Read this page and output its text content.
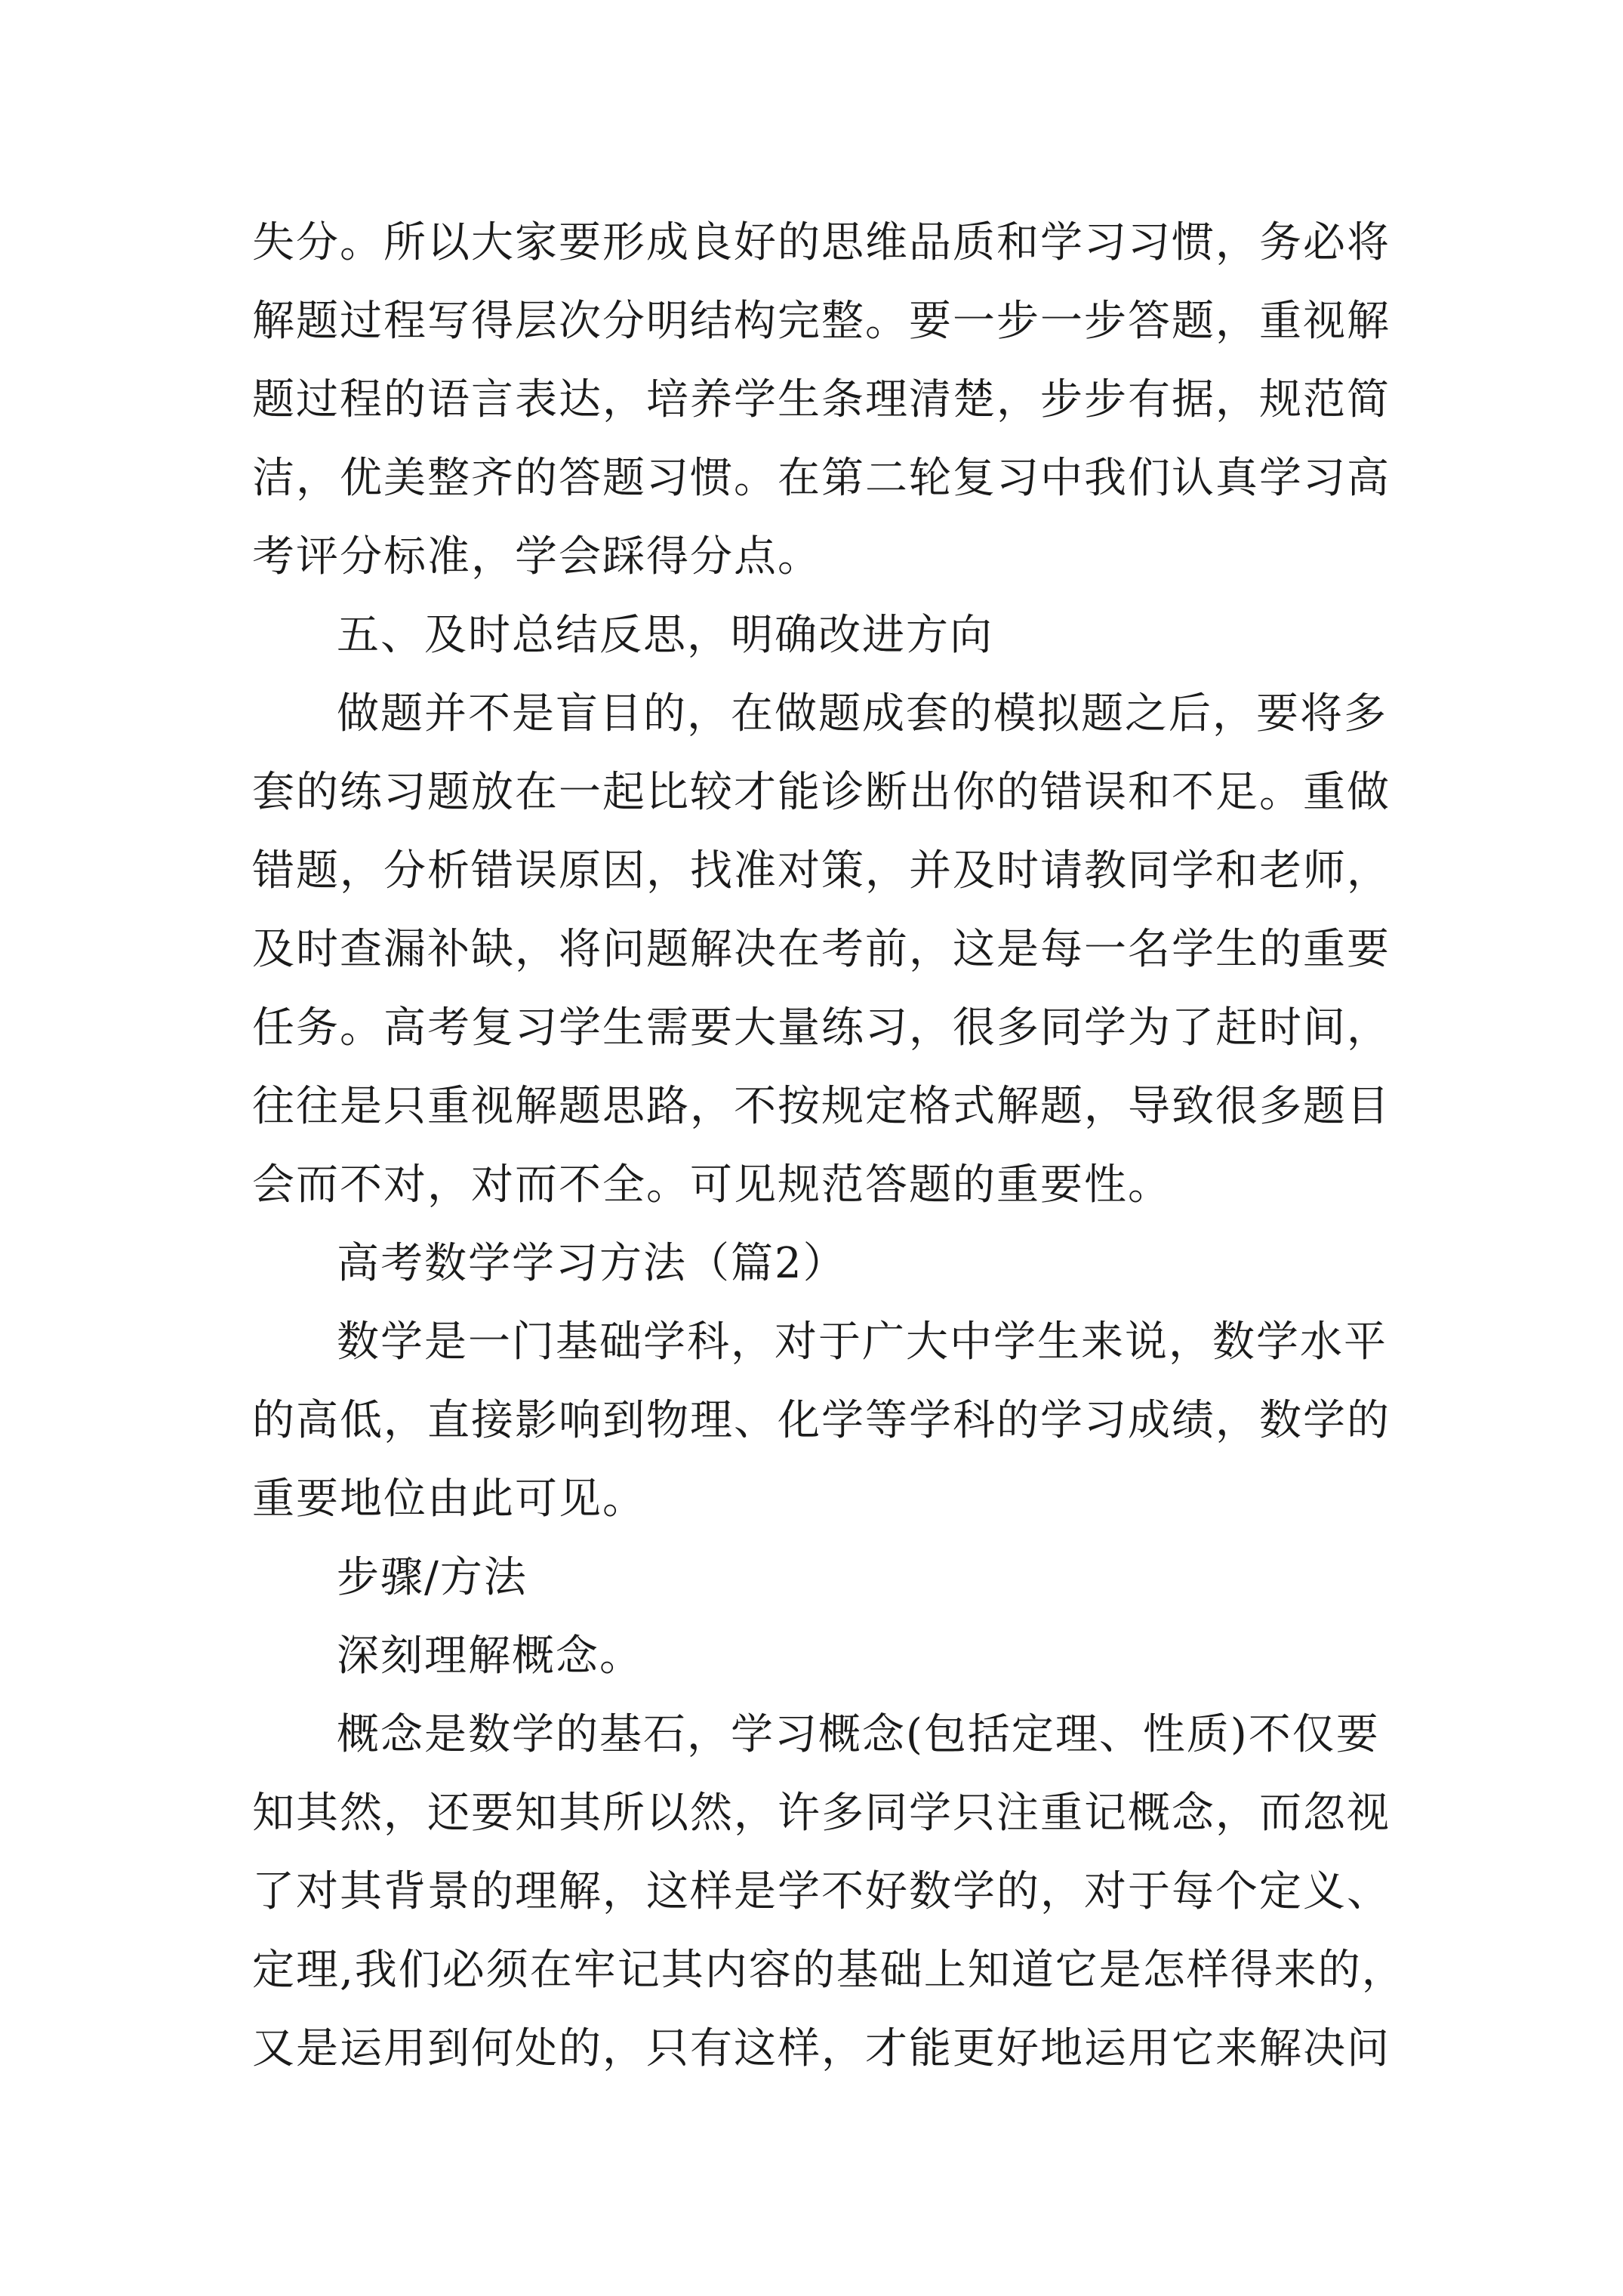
失分。所以大家要形成良好的思维品质和学习习惯，务必将
解题过程写得层次分明结构完整。要一步一步答题，重视解
题过程的语言表达，培养学生条理清楚，步步有据，规范简
洁，优美整齐的答题习惯。在第二轮复习中我们认真学习高
考评分标准，学会踩得分点。
五、及时总结反思，明确改进方向
做题并不是盲目的，在做题成套的模拟题之后，要将多
套的练习题放在一起比较才能诊断出你的错误和不足。重做
错题，分析错误原因，找准对策，并及时请教同学和老师，
及时查漏补缺，将问题解决在考前，这是每一名学生的重要
任务。高考复习学生需要大量练习，很多同学为了赶时间，
往往是只重视解题思路，不按规定格式解题，导致很多题目
会而不对，对而不全。可见规范答题的重要性。
高考数学学习方法（篇2）
数学是一门基础学科，对于广大中学生来说，数学水平
的高低，直接影响到物理、化学等学科的学习成绩，数学的
重要地位由此可见。
步骤/方法
深刻理解概念。
概念是数学的基石，学习概念(包括定理、性质)不仅要
知其然，还要知其所以然，许多同学只注重记概念，而忽视
了对其背景的理解，这样是学不好数学的，对于每个定义、
定理,我们必须在牢记其内容的基础上知道它是怎样得来的，
又是运用到何处的，只有这样，才能更好地运用它来解决问
